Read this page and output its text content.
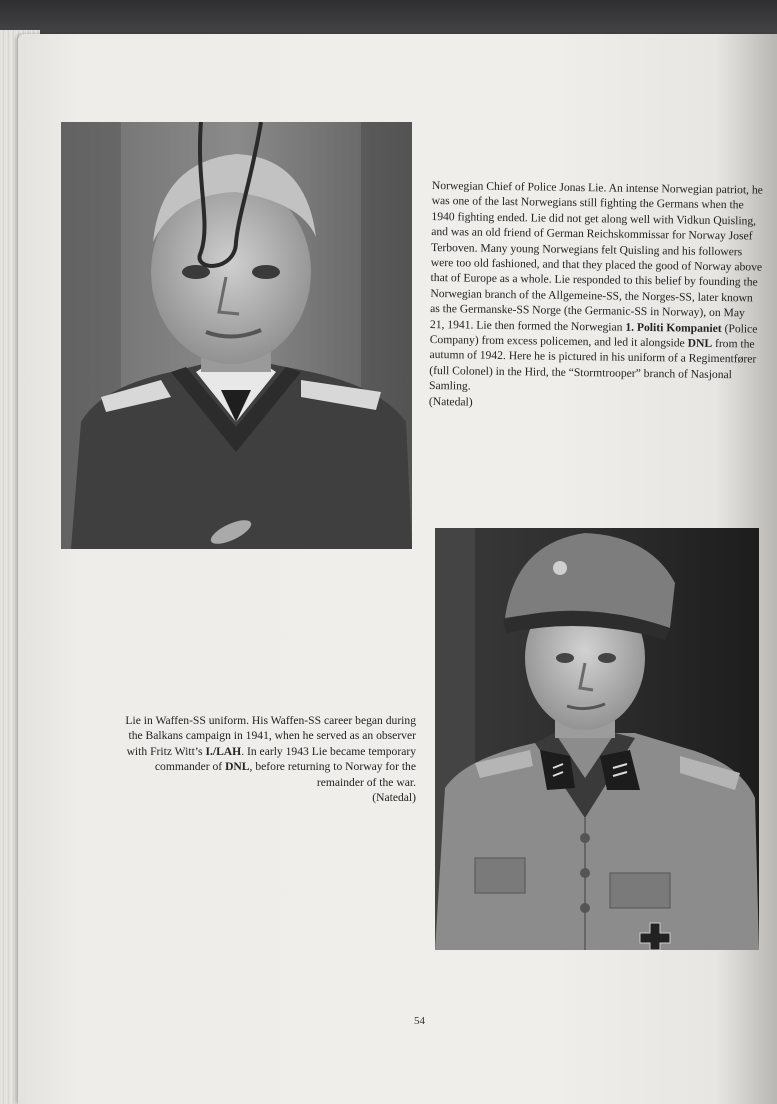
Norwegian Chief of Police Jonas Lie. An intense Norwegian patriot, he was one of the last Norwegians still fighting the Germans when the 1940 fighting ended. Lie did not get along well with Vidkun Quisling, and was an old friend of German Reichskommissar for Norway Josef Terboven. Many young Norwegians felt Quisling and his followers were too old fashioned, and that they placed the good of Norway above that of Europe as a whole. Lie responded to this belief by founding the Norwegian branch of the Allgemeine-SS, the Norges-SS, later known as the Germanske-SS Norge (the Germanic-SS in Norway), on May 21, 1941. Lie then formed the Norwegian 1. Politi Kompaniet (Police Company) from excess policemen, and led it alongside DNL from the autumn of 1942. Here he is pictured in his uniform of a Regimentfører (full Colonel) in the Hird, the “Stormtrooper” branch of Nasjonal Samling.

(Natedal)

Lie in Waffen-SS uniform. His Waffen-SS career began during the Balkans campaign in 1941, when he served as an observer with Fritz Witt’s I./LAH. In early 1943 Lie became temporary commander of DNL, before returning to Norway for the remainder of the war.

(Natedal)

54
